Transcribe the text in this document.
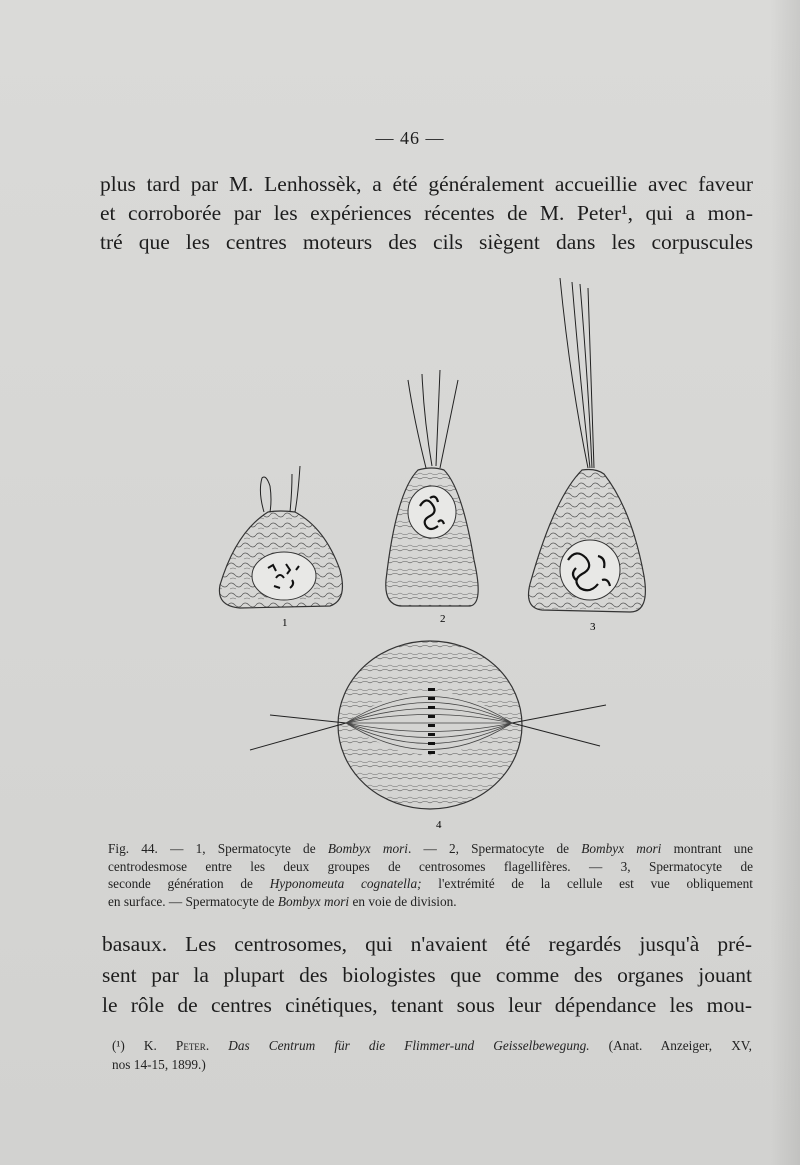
— 46 —
plus tard par M. Lenhossèk, a été généralement accueillie avec faveur
et corroborée par les expériences récentes de M. Peter¹, qui a mon-
tré que les centres moteurs des cils siègent dans les corpuscules
1	2
3
4
Fig. 44. — 1, Spermatocyte de Bombyx mori. — 2, Spermatocyte de Bombyx mori montrant une
centrodesmose entre les deux groupes de centrosomes flagellifères. — 3, Spermatocyte de
seconde génération de Hyponomeuta cognatella; l'extrémité de la cellule est vue obliquement
en surface. — Spermatocyte de Bombyx mori en voie de division.
basaux. Les centrosomes, qui n'avaient été regardés jusqu'à pré-
sent par la plupart des biologistes que comme des organes jouant
le rôle de centres cinétiques, tenant sous leur dépendance les mou-
(¹) K. Peter. Das Centrum für die Flimmer-und Geisselbewegung. (Anat. Anzeiger, XV,
nos 14-15, 1899.)
